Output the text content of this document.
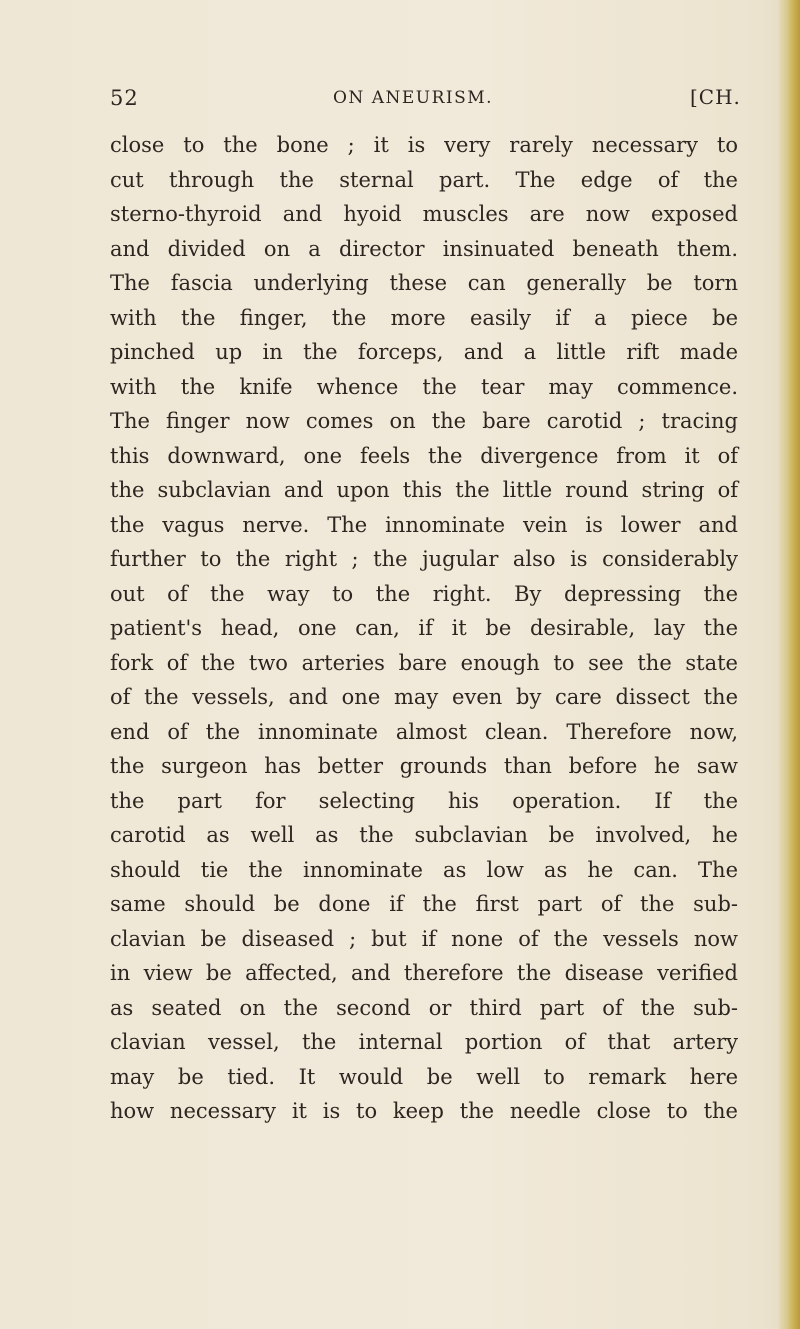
52	ON ANEURISM.	[CH.
close to the bone ; it is very rarely necessary to
cut through the sternal part. The edge of the
sterno-thyroid and hyoid muscles are now exposed
and divided on a director insinuated beneath them.
The fascia underlying these can generally be torn
with the finger, the more easily if a piece be
pinched up in the forceps, and a little rift made
with the knife whence the tear may commence.
The finger now comes on the bare carotid ; tracing
this downward, one feels the divergence from it of
the subclavian and upon this the little round string of
the vagus nerve. The innominate vein is lower and
further to the right ; the jugular also is considerably
out of the way to the right. By depressing the
patient's head, one can, if it be desirable, lay the
fork of the two arteries bare enough to see the state
of the vessels, and one may even by care dissect the
end of the innominate almost clean. Therefore now,
the surgeon has better grounds than before he saw
the part for selecting his operation. If the
carotid as well as the subclavian be involved, he
should tie the innominate as low as he can. The
same should be done if the first part of the sub-
clavian be diseased ; but if none of the vessels now
in view be affected, and therefore the disease verified
as seated on the second or third part of the sub-
clavian vessel, the internal portion of that artery
may be tied. It would be well to remark here
how necessary it is to keep the needle close to the
